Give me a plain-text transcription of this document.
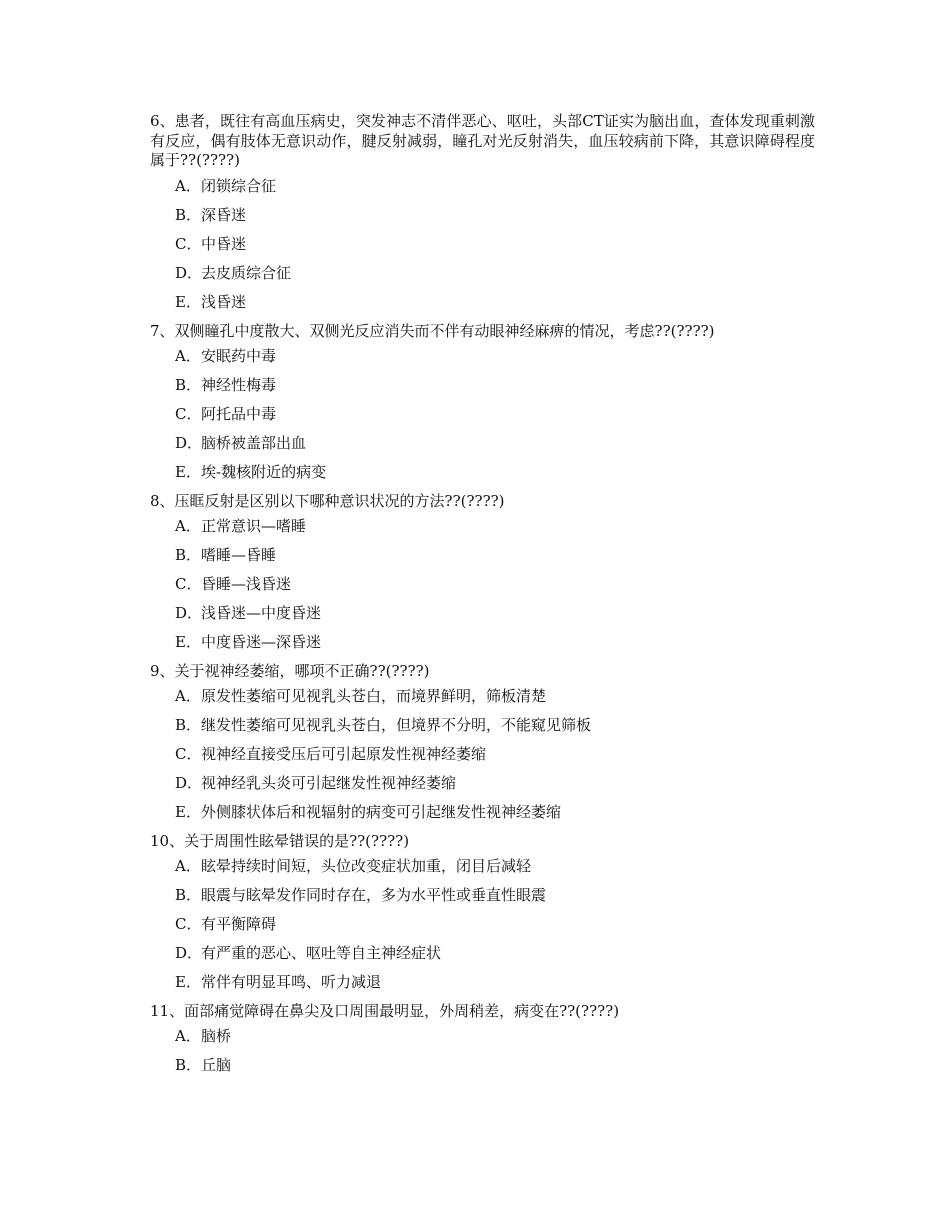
6、患者，既往有高血压病史，突发神志不清伴恶心、呕吐，头部CT证实为脑出血，查体发现重刺激有反应，偶有肢体无意识动作，腱反射减弱，瞳孔对光反射消失，血压较病前下降，其意识障碍程度属于??(????)

A．闭锁综合征
B．深昏迷
C．中昏迷
D．去皮质综合征
E．浅昏迷

7、双侧瞳孔中度散大、双侧光反应消失而不伴有动眼神经麻痹的情况，考虑??(????)

A．安眠药中毒
B．神经性梅毒
C．阿托品中毒
D．脑桥被盖部出血
E．埃-魏核附近的病变

8、压眶反射是区别以下哪种意识状况的方法??(????)

A．正常意识—嗜睡
B．嗜睡—昏睡
C．昏睡—浅昏迷
D．浅昏迷—中度昏迷
E．中度昏迷—深昏迷

9、关于视神经萎缩，哪项不正确??(????)

A．原发性萎缩可见视乳头苍白，而境界鲜明，筛板清楚
B．继发性萎缩可见视乳头苍白，但境界不分明，不能窥见筛板
C．视神经直接受压后可引起原发性视神经萎缩
D．视神经乳头炎可引起继发性视神经萎缩
E．外侧膝状体后和视辐射的病变可引起继发性视神经萎缩

10、关于周围性眩晕错误的是??(????)

A．眩晕持续时间短，头位改变症状加重，闭目后减轻
B．眼震与眩晕发作同时存在，多为水平性或垂直性眼震
C．有平衡障碍
D．有严重的恶心、呕吐等自主神经症状
E．常伴有明显耳鸣、听力减退

11、面部痛觉障碍在鼻尖及口周围最明显，外周稍差，病变在??(????)

A．脑桥
B．丘脑
